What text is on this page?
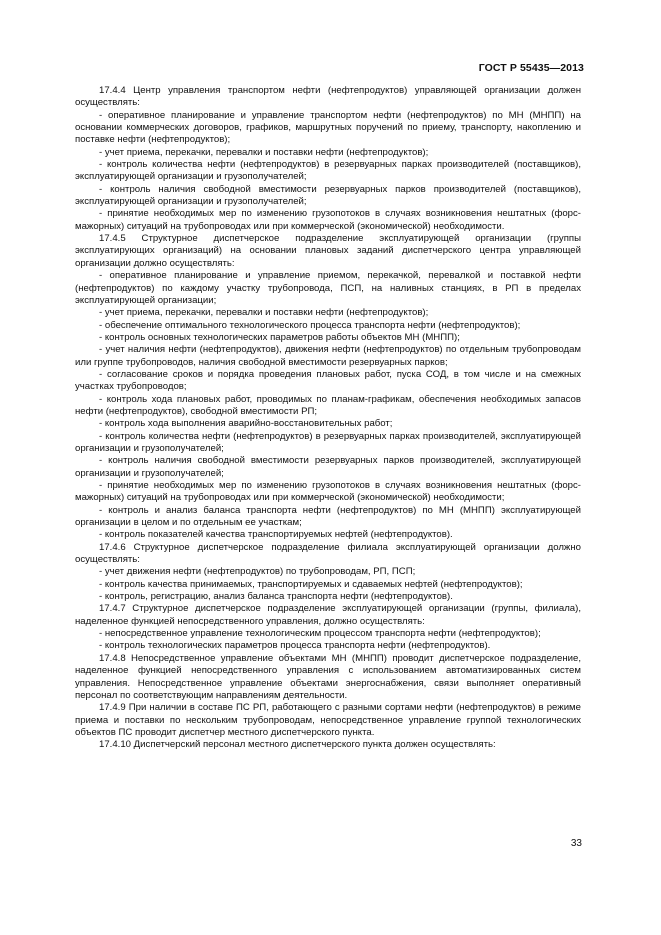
ГОСТ Р 55435—2013

17.4.4 Центр управления транспортом нефти (нефтепродуктов) управляющей организации должен осуществлять:

- оперативное планирование и управление транспортом нефти (нефтепродуктов) по МН (МНПП) на основании коммерческих договоров, графиков, маршрутных поручений по приему, транспорту, накоплению и поставке нефти (нефтепродуктов);

- учет приема, перекачки, перевалки и поставки нефти (нефтепродуктов);

- контроль количества нефти (нефтепродуктов) в резервуарных парках производителей (поставщиков), эксплуатирующей организации и грузополучателей;

- контроль наличия свободной вместимости резервуарных парков производителей (поставщиков), эксплуатирующей организации и грузополучателей;

- принятие необходимых мер по изменению грузопотоков в случаях возникновения нештатных (форс-мажорных) ситуаций на трубопроводах или при коммерческой (экономической) необходимости.

17.4.5 Структурное диспетчерское подразделение эксплуатирующей организации (группы эксплуатирующих организаций) на основании плановых заданий диспетчерского центра управляющей организации должно осуществлять:

- оперативное планирование и управление приемом, перекачкой, перевалкой и поставкой нефти (нефтепродуктов) по каждому участку трубопровода, ПСП, на наливных станциях, в РП в пределах эксплуатирующей организации;

- учет приема, перекачки, перевалки и поставки нефти (нефтепродуктов);

- обеспечение оптимального технологического процесса транспорта нефти (нефтепродуктов);

- контроль основных технологических параметров работы объектов МН (МНПП);

- учет наличия нефти (нефтепродуктов), движения нефти (нефтепродуктов) по отдельным трубопроводам или группе трубопроводов, наличия свободной вместимости резервуарных парков;

- согласование сроков и порядка проведения плановых работ, пуска СОД, в том числе и на смежных участках трубопроводов;

- контроль хода плановых работ, проводимых по планам-графикам, обеспечения необходимых запасов нефти (нефтепродуктов), свободной вместимости РП;

- контроль хода выполнения аварийно-восстановительных работ;

- контроль количества нефти (нефтепродуктов) в резервуарных парках производителей, эксплуатирующей организации и грузополучателей;

- контроль наличия свободной вместимости резервуарных парков производителей, эксплуатирующей организации и грузополучателей;

- принятие необходимых мер по изменению грузопотоков в случаях возникновения нештатных (форс-мажорных) ситуаций на трубопроводах или при коммерческой (экономической) необходимости;

- контроль и анализ баланса транспорта нефти (нефтепродуктов) по МН (МНПП) эксплуатирующей организации в целом и по отдельным ее участкам;

- контроль показателей качества транспортируемых нефтей (нефтепродуктов).

17.4.6 Структурное диспетчерское подразделение филиала эксплуатирующей организации должно осуществлять:

- учет движения нефти (нефтепродуктов) по трубопроводам, РП, ПСП;

- контроль качества принимаемых, транспортируемых и сдаваемых нефтей (нефтепродуктов);

- контроль, регистрацию, анализ баланса транспорта нефти (нефтепродуктов).

17.4.7 Структурное диспетчерское подразделение эксплуатирующей организации (группы, филиала), наделенное функцией непосредственного управления, должно осуществлять:

- непосредственное управление технологическим процессом транспорта нефти (нефтепродуктов);

- контроль технологических параметров процесса транспорта нефти (нефтепродуктов).

17.4.8 Непосредственное управление объектами МН (МНПП) проводит диспетчерское подразделение, наделенное функцией непосредственного управления с использованием автоматизированных систем управления. Непосредственное управление объектами энергоснабжения, связи выполняет оперативный персонал по соответствующим направлениям деятельности.

17.4.9 При наличии в составе ПС РП, работающего с разными сортами нефти (нефтепродуктов) в режиме приема и поставки по нескольким трубопроводам, непосредственное управление группой технологических объектов ПС проводит диспетчер местного диспетчерского пункта.

17.4.10 Диспетчерский персонал местного диспетчерского пункта должен осуществлять:

33
